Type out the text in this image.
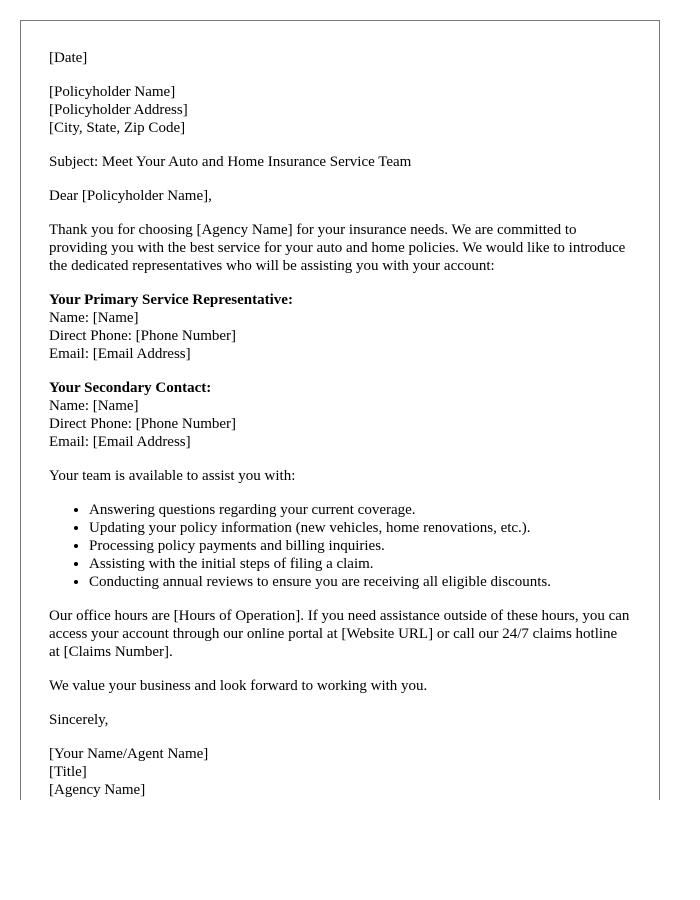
[Date]

[Policyholder Name]
[Policyholder Address]
[City, State, Zip Code]

Subject: Meet Your Auto and Home Insurance Service Team

Dear [Policyholder Name],

Thank you for choosing [Agency Name] for your insurance needs. We are committed to providing you with the best service for your auto and home policies. We would like to introduce the dedicated representatives who will be assisting you with your account:

Your Primary Service Representative:
Name: [Name]
Direct Phone: [Phone Number]
Email: [Email Address]

Your Secondary Contact:
Name: [Name]
Direct Phone: [Phone Number]
Email: [Email Address]

Your team is available to assist you with:

• Answering questions regarding your current coverage.
• Updating your policy information (new vehicles, home renovations, etc.).
• Processing policy payments and billing inquiries.
• Assisting with the initial steps of filing a claim.
• Conducting annual reviews to ensure you are receiving all eligible discounts.

Our office hours are [Hours of Operation]. If you need assistance outside of these hours, you can access your account through our online portal at [Website URL] or call our 24/7 claims hotline at [Claims Number].

We value your business and look forward to working with you.

Sincerely,

[Your Name/Agent Name]
[Title]
[Agency Name]
